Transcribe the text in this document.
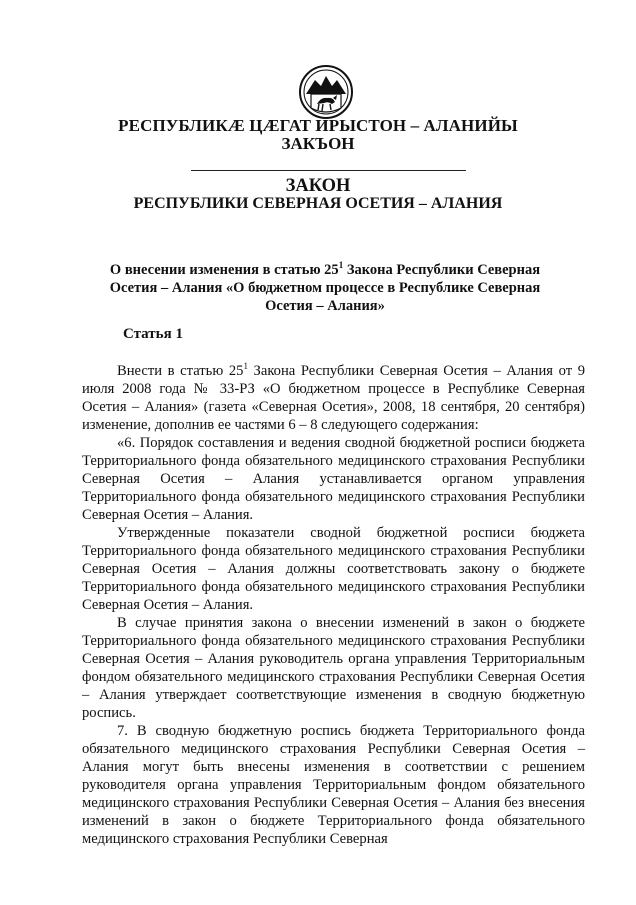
РЕСПУБЛИКӔ ЦӔГАТ ИРЫСТОН – АЛАНИЙЫ
ЗАКЪОН
ЗАКОН
РЕСПУБЛИКИ СЕВЕРНАЯ ОСЕТИЯ – АЛАНИЯ
О внесении изменения в статью $25^1$ Закона Республики Северная Осетия – Алания «О бюджетном процессе в Республике Северная Осетия – Алания»
Статья 1

Внести в статью $25^1$ Закона Республики Северная Осетия – Алания от 9 июля 2008 года № 33-РЗ «О бюджетном процессе в Республике Северная Осетия – Алания» (газета «Северная Осетия», 2008, 18 сентября, 20 сентября) изменение, дополнив ее частями 6 – 8 следующего содержания:

«6. Порядок составления и ведения сводной бюджетной росписи бюджета Территориального фонда обязательного медицинского страхования Республики Северная Осетия – Алания устанавливается органом управления Территориального фонда обязательного медицинского страхования Республики Северная Осетия – Алания.

Утвержденные показатели сводной бюджетной росписи бюджета Территориального фонда обязательного медицинского страхования Республики Северная Осетия – Алания должны соответствовать закону о бюджете Территориального фонда обязательного медицинского страхования Республики Северная Осетия – Алания.

В случае принятия закона о внесении изменений в закон о бюджете Территориального фонда обязательного медицинского страхования Республики Северная Осетия – Алания руководитель органа управления Территориальным фондом обязательного медицинского страхования Республики Северная Осетия – Алания утверждает соответствующие изменения в сводную бюджетную роспись.

7. В сводную бюджетную роспись бюджета Территориального фонда обязательного медицинского страхования Республики Северная Осетия – Алания могут быть внесены изменения в соответствии с решением руководителя органа управления Территориальным фондом обязательного медицинского страхования Республики Северная Осетия – Алания без внесения изменений в закон о бюджете Территориального фонда обязательного медицинского страхования Республики Северная
